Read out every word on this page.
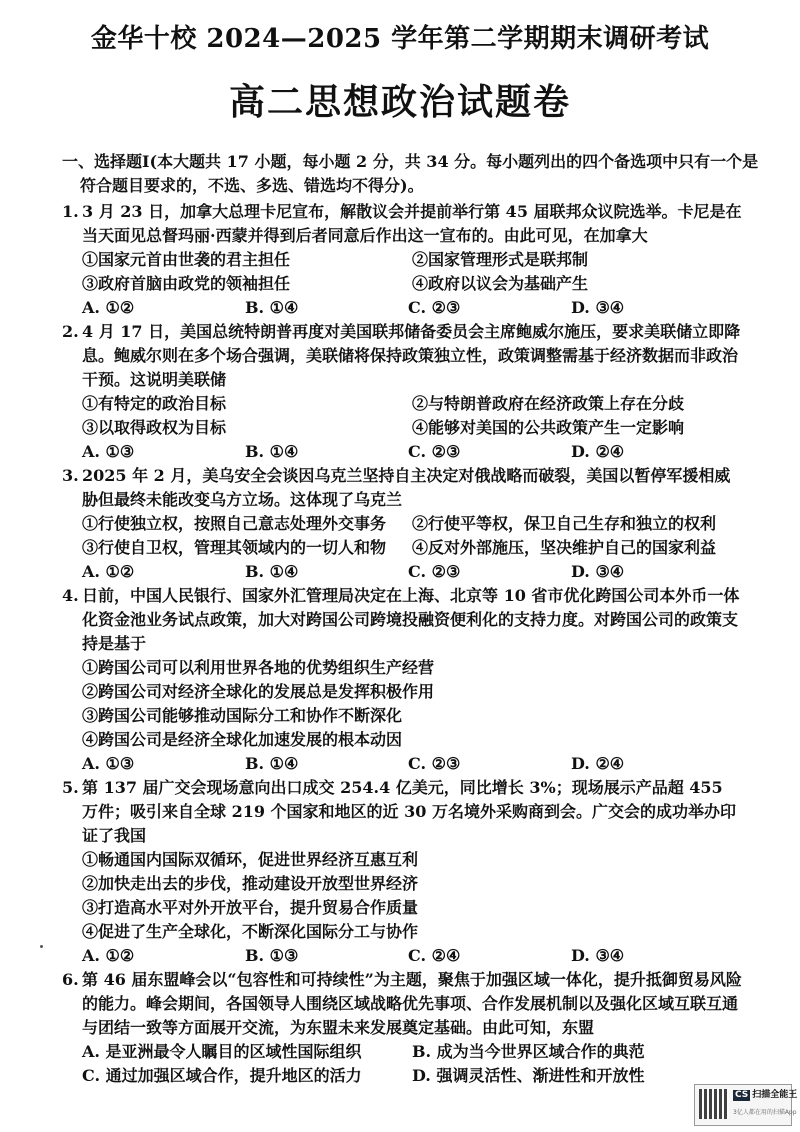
金华十校 2024—2025 学年第二学期期末调研考试
高二思想政治试题卷
一、选择题Ⅰ(本大题共 17 小题，每小题 2 分，共 34 分。每小题列出的四个备选项中只有一个是
符合题目要求的，不选、多选、错选均不得分)。
1. 3 月 23 日，加拿大总理卡尼宣布，解散议会并提前举行第 45 届联邦众议院选举。卡尼是在当天面见总督玛丽·西蒙并得到后者同意后作出这一宣布的。由此可见，在加拿大
①国家元首由世袭的君主担任	②国家管理形式是联邦制
③政府首脑由政党的领袖担任	④政府以议会为基础产生
A. ①②	B. ①④	C. ②③	D. ③④
2. 4 月 17 日，美国总统特朗普再度对美国联邦储备委员会主席鲍威尔施压，要求美联储立即降息。鲍威尔则在多个场合强调，美联储将保持政策独立性，政策调整需基于经济数据而非政治干预。这说明美联储
①有特定的政治目标	②与特朗普政府在经济政策上存在分歧
③以取得政权为目标	④能够对美国的公共政策产生一定影响
A. ①③	B. ①④	C. ②③	D. ②④
3. 2025 年 2 月，美乌安全会谈因乌克兰坚持自主决定对俄战略而破裂，美国以暂停军援相威胁但最终未能改变乌方立场。这体现了乌克兰
①行使独立权，按照自己意志处理外交事务	②行使平等权，保卫自己生存和独立的权利
③行使自卫权，管理其领域内的一切人和物	④反对外部施压，坚决维护自己的国家利益
A. ①②	B. ①④	C. ②③	D. ③④
4. 日前，中国人民银行、国家外汇管理局决定在上海、北京等 10 省市优化跨国公司本外币一体化资金池业务试点政策，加大对跨国公司跨境投融资便利化的支持力度。对跨国公司的政策支持是基于
①跨国公司可以利用世界各地的优势组织生产经营
②跨国公司对经济全球化的发展总是发挥积极作用
③跨国公司能够推动国际分工和协作不断深化
④跨国公司是经济全球化加速发展的根本动因
A. ①③	B. ①④	C. ②③	D. ②④
5. 第 137 届广交会现场意向出口成交 254.4 亿美元，同比增长 3%；现场展示产品超 455 万件；吸引来自全球 219 个国家和地区的近 30 万名境外采购商到会。广交会的成功举办印证了我国
①畅通国内国际双循环，促进世界经济互惠互利
②加快走出去的步伐，推动建设开放型世界经济
③打造高水平对外开放平台，提升贸易合作质量
④促进了生产全球化，不断深化国际分工与协作
A. ①②	B. ①③	C. ②④	D. ③④
6. 第 46 届东盟峰会以“包容性和可持续性”为主题，聚焦于加强区域一体化，提升抵御贸易风险的能力。峰会期间，各国领导人围绕区域战略优先事项、合作发展机制以及强化区域互联互通与团结一致等方面展开交流，为东盟未来发展奠定基础。由此可知，东盟
A. 是亚洲最令人瞩目的区域性国际组织	B. 成为当今世界区域合作的典范
C. 通过加强区域合作，提升地区的活力	D. 强调灵活性、渐进性和开放性
CS 扫描全能王
3亿人都在用的扫描App
